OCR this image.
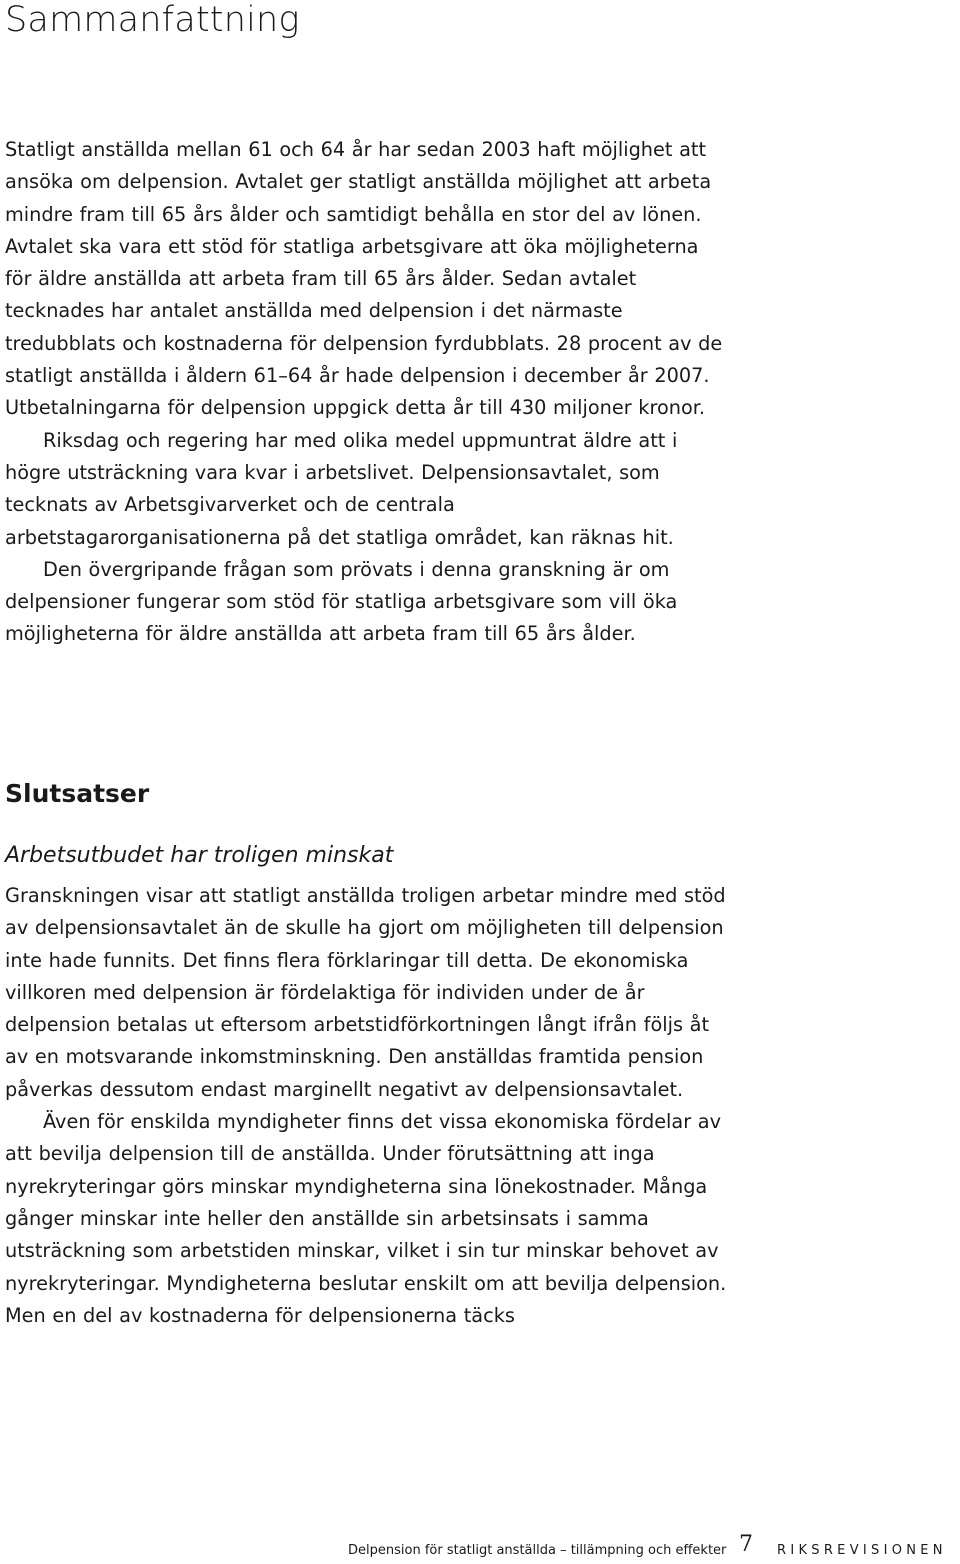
Sammanfattning

Statligt anställda mellan 61 och 64 år har sedan 2003 haft möjlighet att ansöka om delpension. Avtalet ger statligt anställda möjlighet att arbeta mindre fram till 65 års ålder och samtidigt behålla en stor del av lönen. Avtalet ska vara ett stöd för statliga arbetsgivare att öka möjligheterna för äldre anställda att arbeta fram till 65 års ålder. Sedan avtalet tecknades har antalet anställda med delpension i det närmaste tredubblats och kostnaderna för delpension fyrdubblats. 28 procent av de statligt anställda i åldern 61–64 år hade delpension i december år 2007. Utbetalningarna för delpension uppgick detta år till 430 miljoner kronor.

Riksdag och regering har med olika medel uppmuntrat äldre att i högre utsträckning vara kvar i arbetslivet. Delpensionsavtalet, som tecknats av Arbetsgivarverket och de centrala arbetstagarorganisationerna på det statliga området, kan räknas hit.

Den övergripande frågan som prövats i denna granskning är om delpensioner fungerar som stöd för statliga arbetsgivare som vill öka möjligheterna för äldre anställda att arbeta fram till 65 års ålder.

Slutsatser
Arbetsutbudet har troligen minskat

Granskningen visar att statligt anställda troligen arbetar mindre med stöd av delpensionsavtalet än de skulle ha gjort om möjligheten till delpension inte hade funnits. Det finns flera förklaringar till detta. De ekonomiska villkoren med delpension är fördelaktiga för individen under de år delpension betalas ut eftersom arbetstidförkortningen långt ifrån följs åt av en motsvarande inkomstminskning. Den anställdas framtida pension påverkas dessutom endast marginellt negativt av delpensionsavtalet.

Även för enskilda myndigheter finns det vissa ekonomiska fördelar av att bevilja delpension till de anställda. Under förutsättning att inga nyrekryteringar görs minskar myndigheterna sina lönekostnader. Många gånger minskar inte heller den anställde sin arbetsinsats i samma utsträckning som arbetstiden minskar, vilket i sin tur minskar behovet av nyrekryteringar. Myndigheterna beslutar enskilt om att bevilja delpension. Men en del av kostnaderna för delpensionerna täcks

Delpension för statligt anställda – tillämpning och effekter 7 RIKSREVISIONEN
